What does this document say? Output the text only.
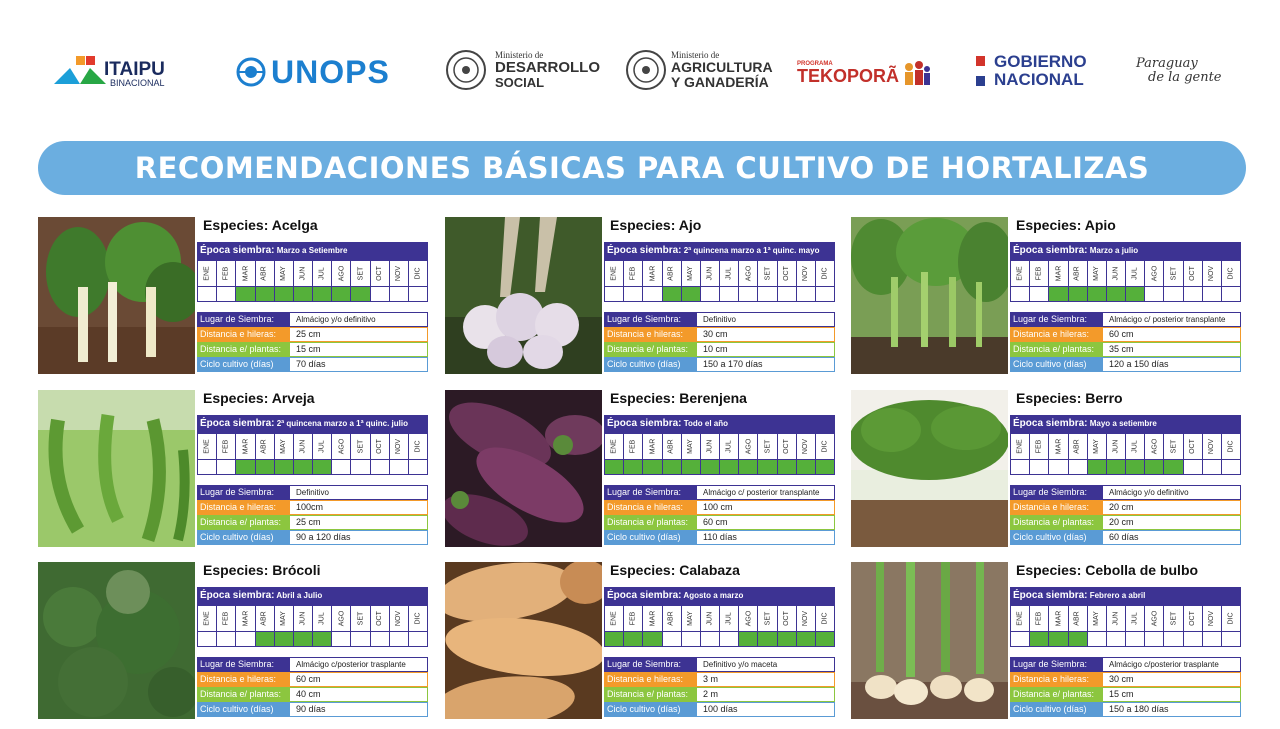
ITAIPU
BINACIONAL	UNOPS	Ministerio de
DESARROLLO
SOCIAL
Ministerio de
AGRICULTURA
Y GANADERÍA
PROGRAMA
TEKOPORÃ
GOBIERNO
NACIONAL
Paraguay
de la gente
RECOMENDACIONES BÁSICAS PARA CULTIVO DE HORTALIZAS
Especies: Acelga
Época siembra: Marzo a Setiembre
ENE FEB MAR ABR MAY JUN JUL AGO SET OCT NOV DIC
Lugar de Siembra:	Almácigo y/o definitivo
Distancia e hileras:	25 cm
Distancia e/ plantas:	15 cm
Ciclo cultivo (días)	70 días
Especies: Ajo
Época siembra: 2ª quincena marzo a 1ª quinc. mayo
ENE FEB MAR ABR MAY JUN JUL AGO SET OCT NOV DIC
Lugar de Siembra:	Definitivo
Distancia e hileras:	30 cm
Distancia e/ plantas:	10 cm
Ciclo cultivo (días)	150 a 170 días
Especies: Apio
Época siembra: Marzo a julio
ENE FEB MAR ABR MAY JUN JUL AGO SET OCT NOV DIC
Lugar de Siembra:	Almácigo c/ posterior transplante
Distancia e hileras:	60 cm
Distancia e/ plantas:	35 cm
Ciclo cultivo (días)	120 a 150 días
Especies: Arveja
Época siembra: 2ª quincena marzo a 1ª quinc. julio
ENE FEB MAR ABR MAY JUN JUL AGO SET OCT NOV DIC
Lugar de Siembra:	Definitivo
Distancia e hileras:	100cm
Distancia e/ plantas:	25 cm
Ciclo cultivo (días)	90 a 120 días
Especies: Berenjena
Época siembra: Todo el año
ENE FEB MAR ABR MAY JUN JUL AGO SET OCT NOV DIC
Lugar de Siembra:	Almácigo c/ posterior transplante
Distancia e hileras:	100 cm
Distancia e/ plantas:	60 cm
Ciclo cultivo (días)	110 días
Especies: Berro
Época siembra: Mayo a setiembre
ENE FEB MAR ABR MAY JUN JUL AGO SET OCT NOV DIC
Lugar de Siembra:	Almácigo y/o definitivo
Distancia e hileras:	20 cm
Distancia e/ plantas:	20 cm
Ciclo cultivo (días)	60 días
Especies: Brócoli
Época siembra: Abril a Julio
ENE FEB MAR ABR MAY JUN JUL AGO SET OCT NOV DIC
Lugar de Siembra:	Almácigo c/posterior trasplante
Distancia e hileras:	60 cm
Distancia e/ plantas:	40 cm
Ciclo cultivo (días)	90 días
Especies: Calabaza
Época siembra: Agosto a marzo
ENE FEB MAR ABR MAY JUN JUL AGO SET OCT NOV DIC
Lugar de Siembra:	Definitivo y/o maceta
Distancia e hileras:	3 m
Distancia e/ plantas:	2 m
Ciclo cultivo (días)	100 días
Especies: Cebolla de bulbo
Época siembra: Febrero a abril
ENE FEB MAR ABR MAY JUN JUL AGO SET OCT NOV DIC
Lugar de Siembra:	Almácigo c/posterior trasplante
Distancia e hileras:	30 cm
Distancia e/ plantas:	15 cm
Ciclo cultivo (días)	150 a 180 días
